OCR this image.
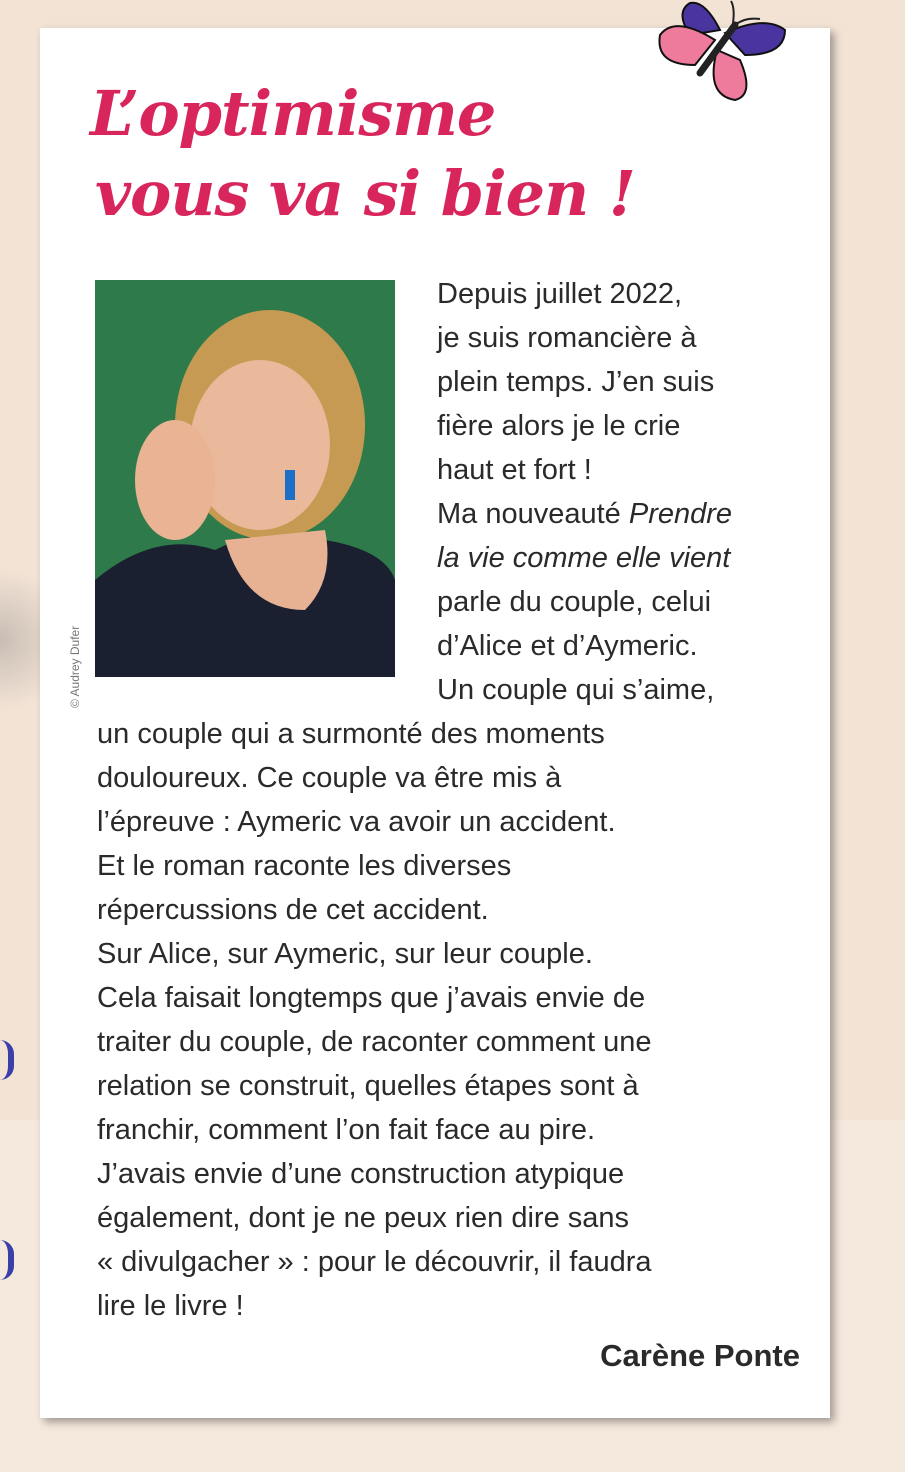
L’optimisme
vous va si bien !
© Audrey Dufer
Depuis juillet 2022,
je suis romancière à
plein temps. J’en suis
fière alors je le crie
haut et fort !
Ma nouveauté Prendre
parle du couple, celui
d’Alice et d’Aymeric.
Un couple qui s’aime,
la vie comme elle vient
un couple qui a surmonté des moments
douloureux. Ce couple va être mis à
l’épreuve : Aymeric va avoir un accident.
Et le roman raconte les diverses
répercussions de cet accident.
Sur Alice, sur Aymeric, sur leur couple.
Cela faisait longtemps que j’avais envie de
traiter du couple, de raconter comment une
relation se construit, quelles étapes sont à
franchir, comment l’on fait face au pire.
J’avais envie d’une construction atypique
également, dont je ne peux rien dire sans
« divulgacher » : pour le découvrir, il faudra
lire le livre !
Carène Ponte
